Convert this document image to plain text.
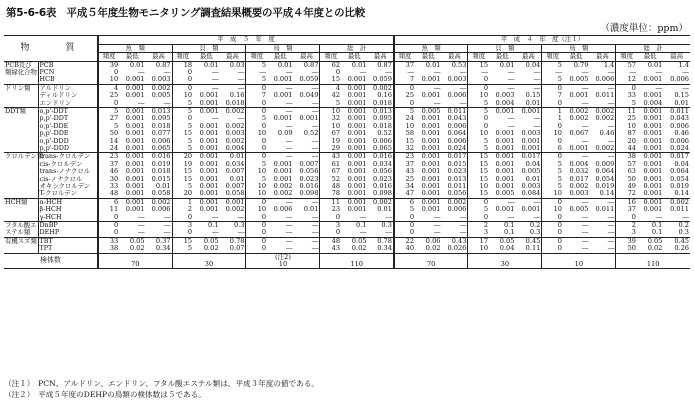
第5-6-6表　平成５年度生物モニタリング調査結果概要の平成４年度との比較
（濃度単位：ppm）
物　　質		平　成　５　年　度												平　成　４　年　度（注１）											
		魚　類			貝　類			鳥　類			総　計			魚　類			貝　類			鳥　類			総　計		
		頻度	最低	最高	頻度	最低	最高	頻度	最低	最高	頻度	最低	最高	頻度	最低	最高	頻度	最低	最高	頻度	最低	最高	頻度	最低	最高
PCB及び	PCB	39	0.01	0.87	18	0.01	0.03	5	0.01	0.87	62	0.01	0.87	37	0.01	0.53	15	0.01	0.04	5	0.79	1.4	57	0.01	1.4
類縁化合物	PCN	0	―	―	0	―	―	―	―	―	0	―	―	―	―	―	―	―	―	―	―	―	―	―	―
	HCB	10	0.001	0.003	0	―	―	5	0.001	0.059	15	0.001	0.059	7	0.001	0.003	0	―	―	5	0.005	0.006	12	0.001	0.006
ドリン類	アルドリン	4	0.001	0.002	0	―	―	0	―	―	4	0.001	0.002	0	―	―	0	―	―	0	―	―	0	―	―
	ディルドリン	25	0.001	0.005	10	0.001	0.16	7	0.001	0.049	42	0.001	0.16	25	0.001	0.006	10	0.003	0.15	7	0.001	0.011	33	0.001	0.15
	エンドリン	0	―	―	5	0.001	0.018	0	―	―	5	0.001	0.018	0	―	―	5	0.004	0.01	0	―	―	5	0.004	0.01
DDT類	o,p'-DDT	5	0.001	0.013	5	0.001	0.002	0	―	―	10	0.001	0.013	5	0.005	0.011	5	0.001	0.001	1	0.002	0.002	11	0.001	0.011
	p,p'-DDT	27	0.001	0.095	0	―	―	5	0.001	0.001	32	0.001	0.095	24	0.001	0.043	0	―	―	1	0.002	0.002	25	0.001	0.043
	o,p'-DDE	5	0.001	0.018	5	0.001	0.002	0	―	―	10	0.001	0.018	10	0.001	0.006	0	―	―	0	―	―	10	0.001	0.006
	p,p'-DDE	50	0.001	0.077	15	0.001	0.003	10	0.09	0.52	67	0.001	0.52	58	0.001	0.064	10	0.001	0.003	10	0.067	0.46	87	0.001	0.46
	o,p'-DDD	14	0.001	0.006	5	0.001	0.002	0	―	―	19	0.001	0.006	15	0.001	0.006	5	0.001	0.001	0	―	―	20	0.001	0.006
	p,p'-DDD	24	0.001	0.065	5	0.001	0.004	0	―	―	29	0.001	0.065	32	0.001	0.024	5	0.001	0.001	6	0.001	0.002	44	0.001	0.024
クロルデン類	trans-クロルデン	23	0.001	0.016	20	0.001	0.01	0	―	―	43	0.001	0.016	23	0.001	0.017	15	0.001	0.017	0	―	―	38	0.001	0.017
	cis-クロルデン	37	0.001	0.019	19	0.001	0.034	5	0.001	0.007	61	0.001	0.034	37	0.001	0.015	15	0.001	0.04	5	0.004	0.009	57	0.001	0.04
	trans-ノナクロル	46	0.001	0.018	15	0.001	0.007	10	0.001	0.056	67	0.001	0.056	43	0.001	0.023	15	0.001	0.005	5	0.032	0.064	63	0.001	0.064
	cis-ノナクロル	30	0.001	0.015	15	0.001	0.01	5	0.001	0.023	52	0.001	0.023	25	0.001	0.013	15	0.001	0.01	5	0.017	0.054	50	0.001	0.054
	オキシクロルデン	33	0.001	0.01	5	0.001	0.007	10	0.002	0.016	48	0.001	0.016	34	0.001	0.011	10	0.001	0.003	5	0.002	0.019	49	0.001	0.019
	T-クロルデン	48	0.001	0.058	20	0.001	0.058	10	0.002	0.098	78	0.001	0.098	47	0.001	0.056	15	0.005	0.084	10	0.003	0.14	72	0.001	0.14
HCH類	α-HCH	6	0.001	0.002	1	0.001	0.001	0	―	―	11	0.001	0.002	6	0.001	0.002	0	―	―	0	―	―	16	0.001	0.002
	β-HCH	11	0.001	0.006	2	0.001	0.002	10	0.006	0.01	23	0.001	0.01	5	0.001	0.006	5	0.001	0.001	10	0.005	0.011	37	0.001	0.011
	γ-HCH	0	―	―	0	―	―	0	―	―	0	―	―	0	―	―	0	―	―	0	―	―	0	―	―
フタル酸エ	DnBP	0	―	―	3	0.1	0.3	0	―	―	3	0.1	0.3	0	―	―	2	0.1	0.2	0	―	―	2	0.1	0.2
ステル類	DEHP	0	―	―	0	―	―	0	―	―	0	―	―	0	―	―	3	0.1	0.3	0	―	―	3	0.1	0.3
有機スズ類	TBT	33	0.05	0.37	15	0.05	0.78	0	―	―	48	0.05	0.78	22	0.06	0.43	17	0.05	0.45	0	―	―	39	0.05	0.45
	TPT	38	0.02	0.34	5	0.02	0.07	0	―	―	43	0.02	0.34	40	0.02	0.026	10	0.04	0.11	0	―	―	50	0.02	0.26
検体数								(注2)																	
		70			30			10			110			70			30			10			110		
（注１）　PCN、アルドリン、エンドリン、フタル酸エステル類は、平成３年度の値である。
（注２）　平成５年度のDEHPの鳥類の検体数は５である。
